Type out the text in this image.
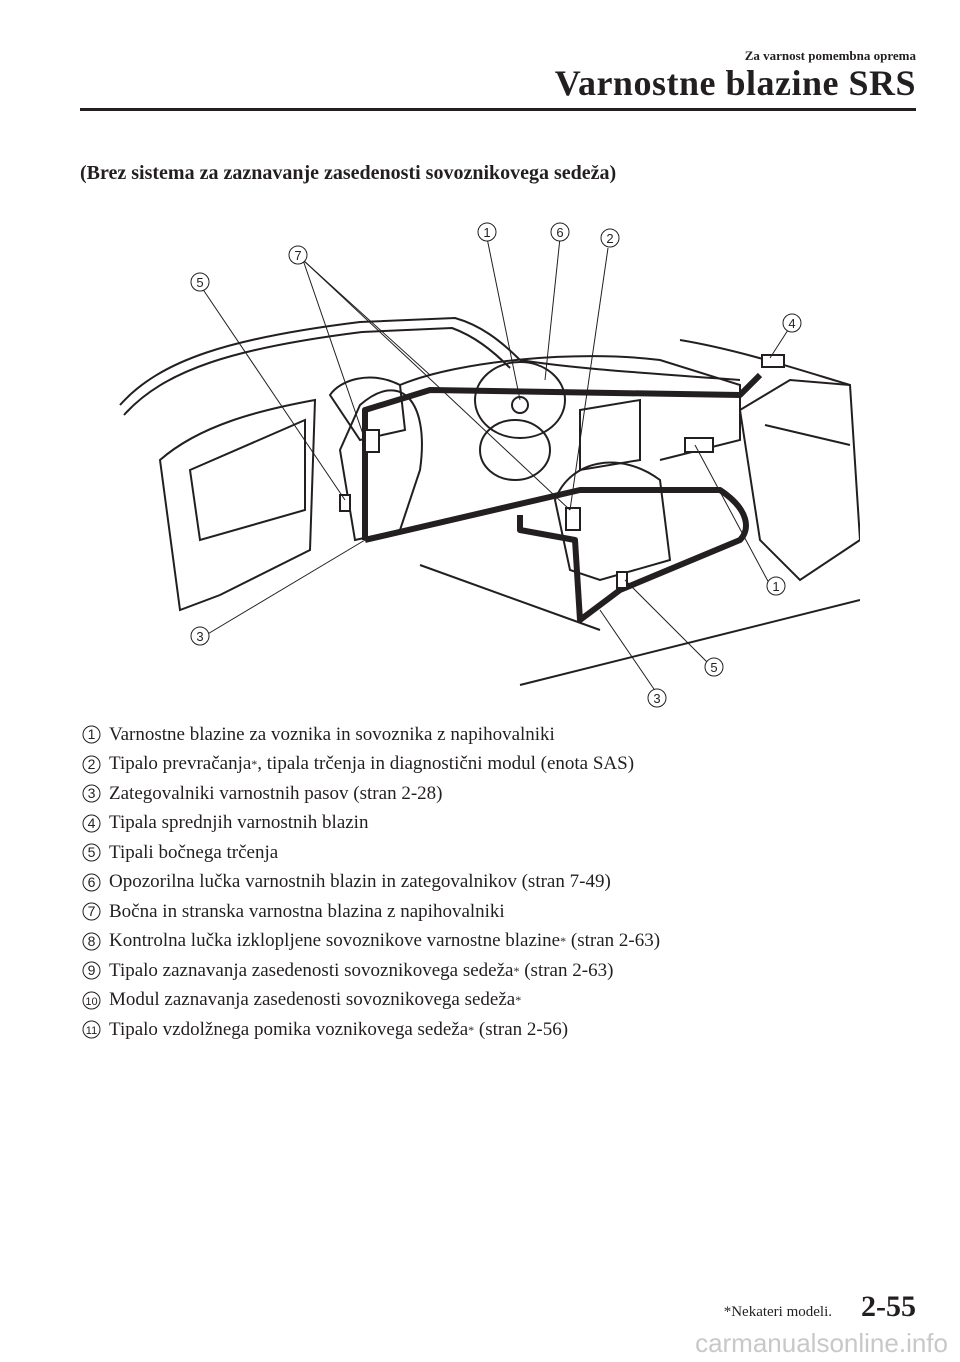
Za varnost pomembna oprema
Varnostne blazine SRS
(Brez sistema za zaznavanje zasedenosti sovoznikovega sedeža)
1	6	2
7
5
4
1
3
5
3
1 Varnostne blazine za voznika in sovoznika z napihovalniki
2 Tipalo prevračanja * , tipala trčenja in diagnostični modul (enota SAS)
3 Zategovalniki varnostnih pasov (stran 2-28)
4 Tipala sprednjih varnostnih blazin
5 Tipali bočnega trčenja
6 Opozorilna lučka varnostnih blazin in zategovalnikov (stran 7-49)
7 Bočna in stranska varnostna blazina z napihovalniki
8 Kontrolna lučka izklopljene sovoznikove varnostne blazine * (stran 2-63)
9 Tipalo zaznavanja zasedenosti sovoznikovega sedeža * (stran 2-63)
10 Modul zaznavanja zasedenosti sovoznikovega sedeža *
11 Tipalo vzdolžnega pomika voznikovega sedeža * (stran 2-56)
*Nekateri modeli. 2-55
carmanualsonline.info
